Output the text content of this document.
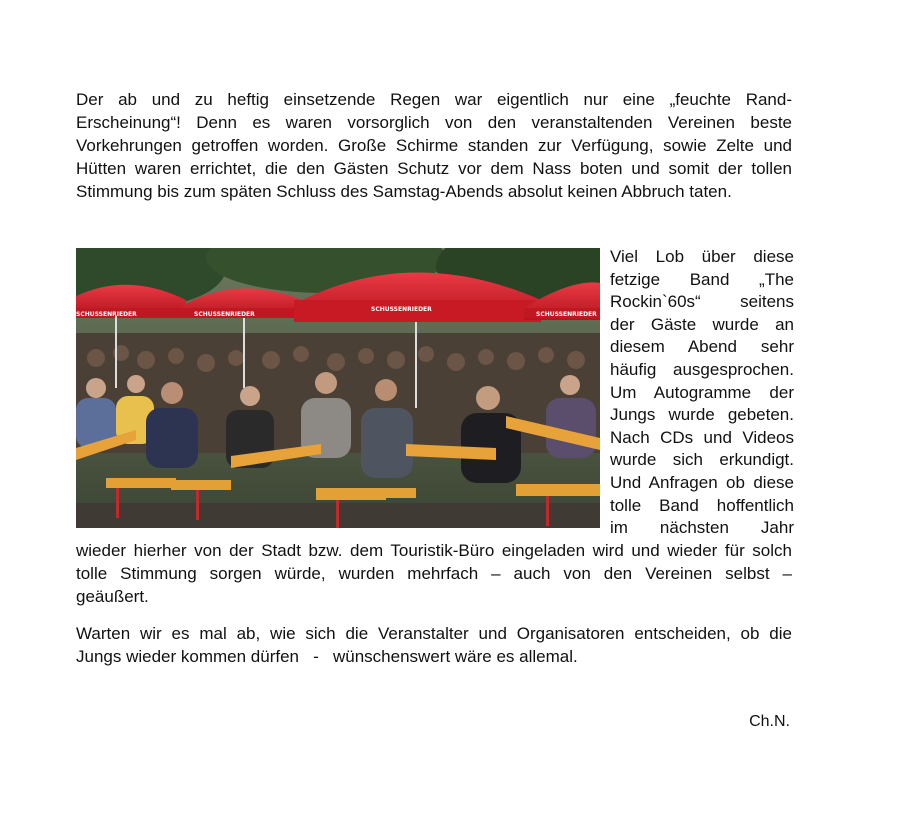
Der ab und zu heftig einsetzende Regen war eigentlich nur eine „feuchte Rand-
Erscheinung“! Denn es waren vorsorglich von den veranstaltenden Vereinen beste
Vorkehrungen getroffen worden. Große Schirme standen zur Verfügung, sowie Zelte und
Hütten waren errichtet, die den Gästen Schutz vor dem Nass boten und somit der tollen
Stimmung bis zum späten Schluss des Samstag-Abends absolut keinen Abbruch taten.
SCHUSSENRIEDER	SCHUSSENRIEDER
SCHUSSENRIEDER
SCHUSSENRIEDER
Viel Lob über diese
fetzige Band „The
Rockin`60s“ seitens
der Gäste wurde an
diesem Abend sehr
häufig ausgesprochen.
Um Autogramme der
Jungs wurde gebeten.
Nach CDs und Videos
wurde sich erkundigt.
Und Anfragen ob diese
tolle Band hoffentlich
im nächsten Jahr
wieder hierher von der Stadt bzw. dem Touristik-Büro eingeladen wird und wieder für solch
tolle Stimmung sorgen würde, wurden mehrfach – auch von den Vereinen selbst –
geäußert.
Warten wir es mal ab, wie sich die Veranstalter und Organisatoren entscheiden, ob die
Jungs wieder kommen dürfen   -   wünschenswert wäre es allemal.

Ch.N.
